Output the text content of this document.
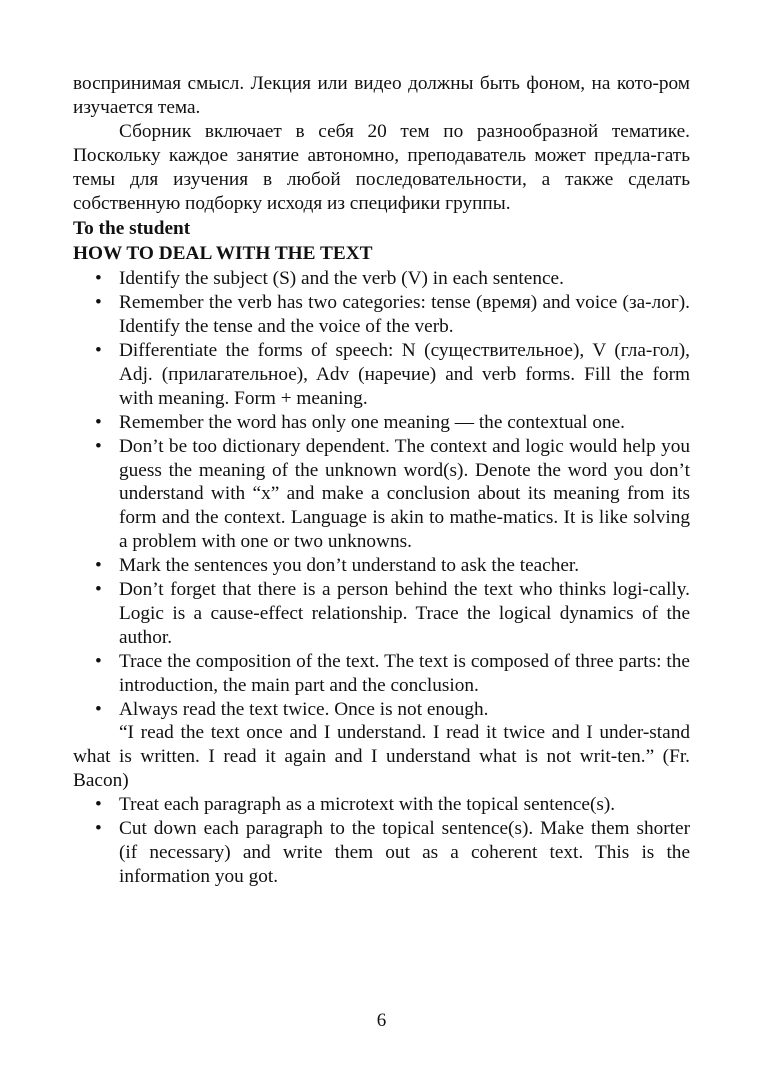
воспринимая смысл. Лекция или видео должны быть фоном, на кото-ром изучается тема.

Сборник включает в себя 20 тем по разнообразной тематике. Поскольку каждое занятие автономно, преподаватель может предла-гать темы для изучения в любой последовательности, а также сделать собственную подборку исходя из специфики группы.

To the student

HOW TO DEAL WITH THE TEXT

• Identify the subject (S) and the verb (V) in each sentence.
• Remember the verb has two categories: tense (время) and voice (за-лог). Identify the tense and the voice of the verb.
• Differentiate the forms of speech: N (существительное), V (гла-гол), Adj. (прилагательное), Adv (наречие) and verb forms. Fill the form with meaning. Form + meaning.
• Remember the word has only one meaning — the contextual one.
• Don’t be too dictionary dependent. The context and logic would help you guess the meaning of the unknown word(s). Denote the word you don’t understand with “x” and make a conclusion about its meaning from its form and the context. Language is akin to mathe-matics. It is like solving a problem with one or two unknowns.
• Mark the sentences you don’t understand to ask the teacher.
• Don’t forget that there is a person behind the text who thinks logi-cally. Logic is a cause-effect relationship. Trace the logical dynamics of the author.
• Trace the composition of the text. The text is composed of three parts: the introduction, the main part and the conclusion.
• Always read the text twice. Once is not enough.

“I read the text once and I understand. I read it twice and I under-stand what is written. I read it again and I understand what is not writ-ten.” (Fr. Bacon)

• Treat each paragraph as a microtext with the topical sentence(s).
• Cut down each paragraph to the topical sentence(s). Make them shorter (if necessary) and write them out as a coherent text. This is the information you got.
6
